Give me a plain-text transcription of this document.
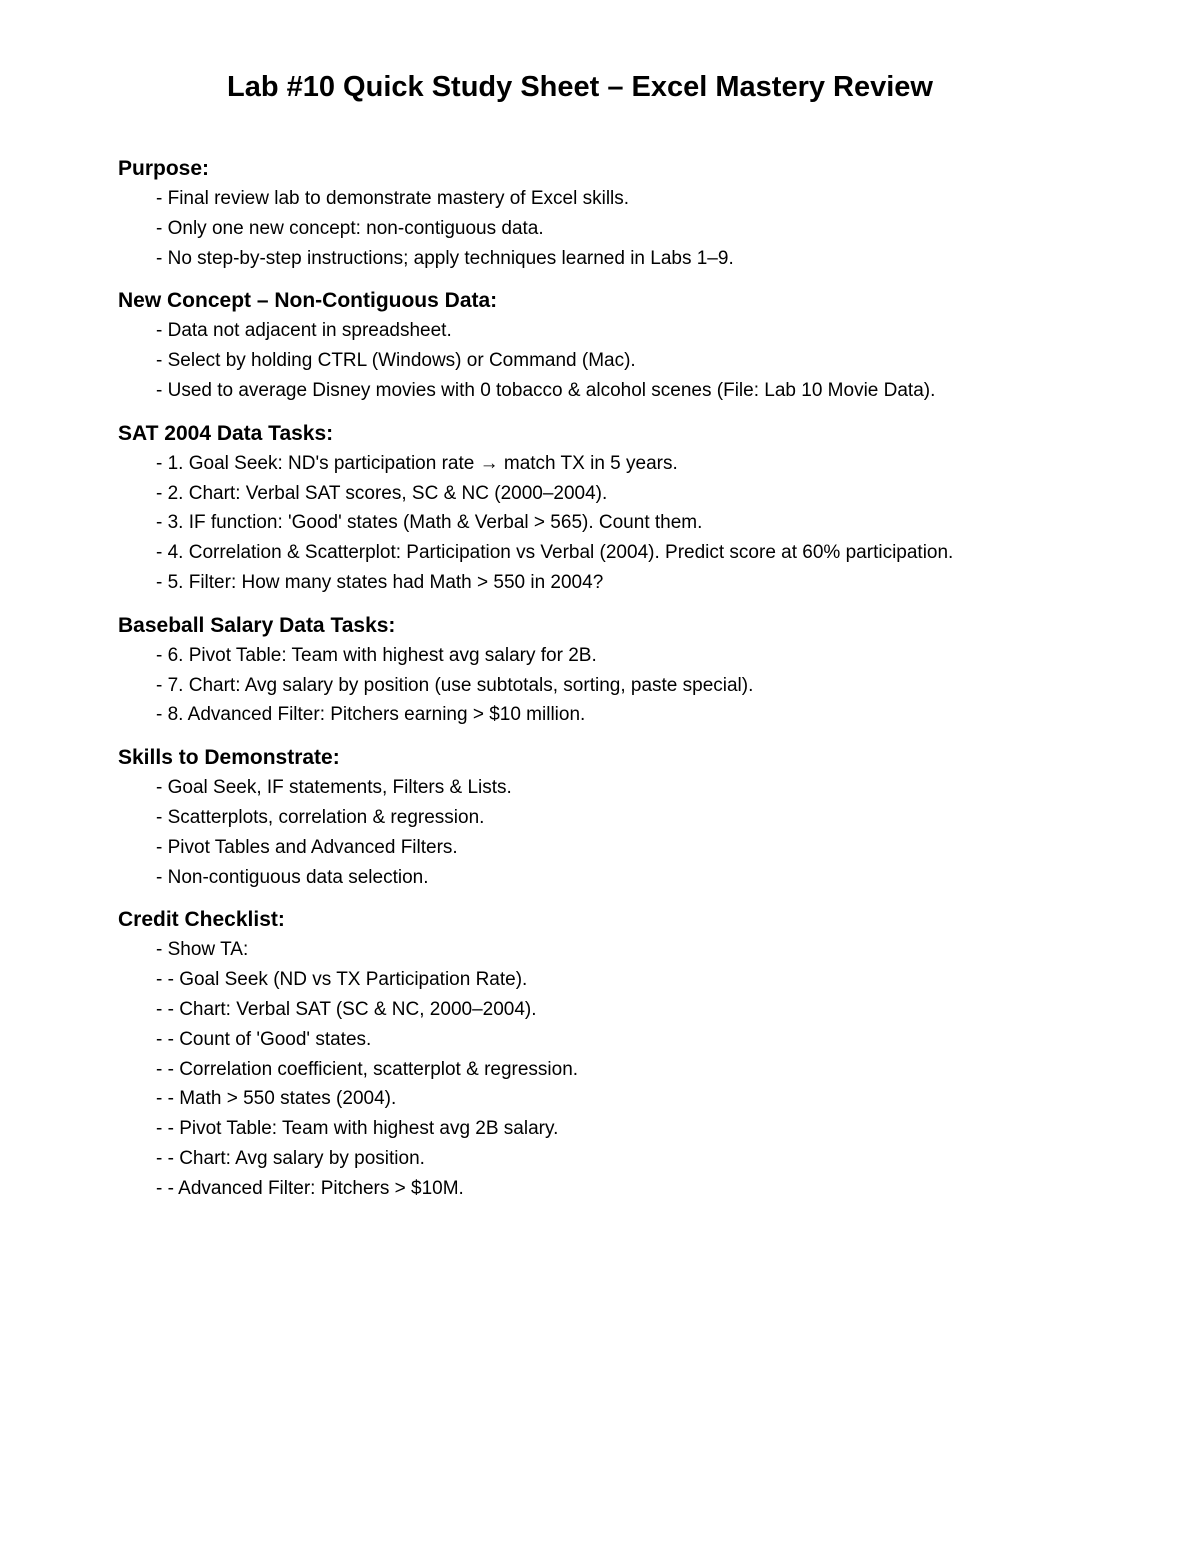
Lab #10 Quick Study Sheet – Excel Mastery Review
Purpose:
- Final review lab to demonstrate mastery of Excel skills.
- Only one new concept: non-contiguous data.
- No step-by-step instructions; apply techniques learned in Labs 1–9.
New Concept – Non-Contiguous Data:
- Data not adjacent in spreadsheet.
- Select by holding CTRL (Windows) or Command (Mac).
- Used to average Disney movies with 0 tobacco & alcohol scenes (File: Lab 10 Movie Data).
SAT 2004 Data Tasks:
- 1. Goal Seek: ND's participation rate → match TX in 5 years.
- 2. Chart: Verbal SAT scores, SC & NC (2000–2004).
- 3. IF function: 'Good' states (Math & Verbal > 565). Count them.
- 4. Correlation & Scatterplot: Participation vs Verbal (2004). Predict score at 60% participation.
- 5. Filter: How many states had Math > 550 in 2004?
Baseball Salary Data Tasks:
- 6. Pivot Table: Team with highest avg salary for 2B.
- 7. Chart: Avg salary by position (use subtotals, sorting, paste special).
- 8. Advanced Filter: Pitchers earning > $10 million.
Skills to Demonstrate:
- Goal Seek, IF statements, Filters & Lists.
- Scatterplots, correlation & regression.
- Pivot Tables and Advanced Filters.
- Non-contiguous data selection.
Credit Checklist:
- Show TA:
- - Goal Seek (ND vs TX Participation Rate).
- - Chart: Verbal SAT (SC & NC, 2000–2004).
- - Count of 'Good' states.
- - Correlation coefficient, scatterplot & regression.
- - Math > 550 states (2004).
- - Pivot Table: Team with highest avg 2B salary.
- - Chart: Avg salary by position.
- - Advanced Filter: Pitchers > $10M.
